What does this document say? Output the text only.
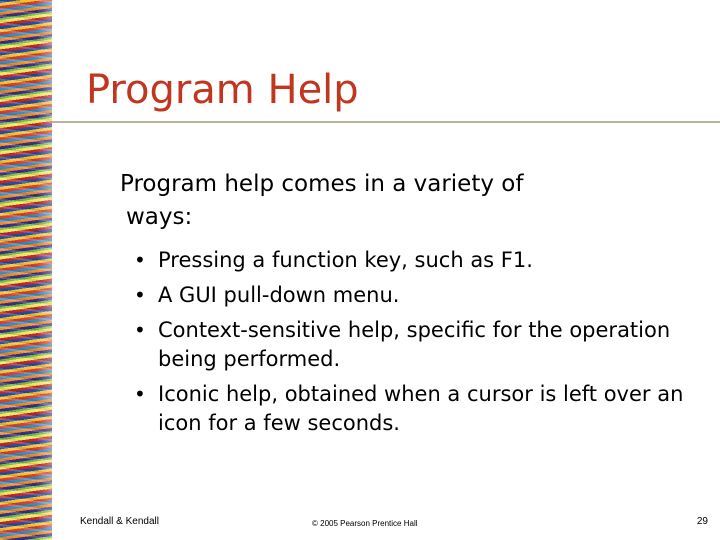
Program Help

Program help comes in a variety of
ways:

• Pressing a function key, such as F1.
• A GUI pull-down menu.
• Context-sensitive help, specific for the operation being performed.
• Iconic help, obtained when a cursor is left over an icon for a few seconds.
Kendall & Kendall	© 2005 Pearson Prentice Hall	29
